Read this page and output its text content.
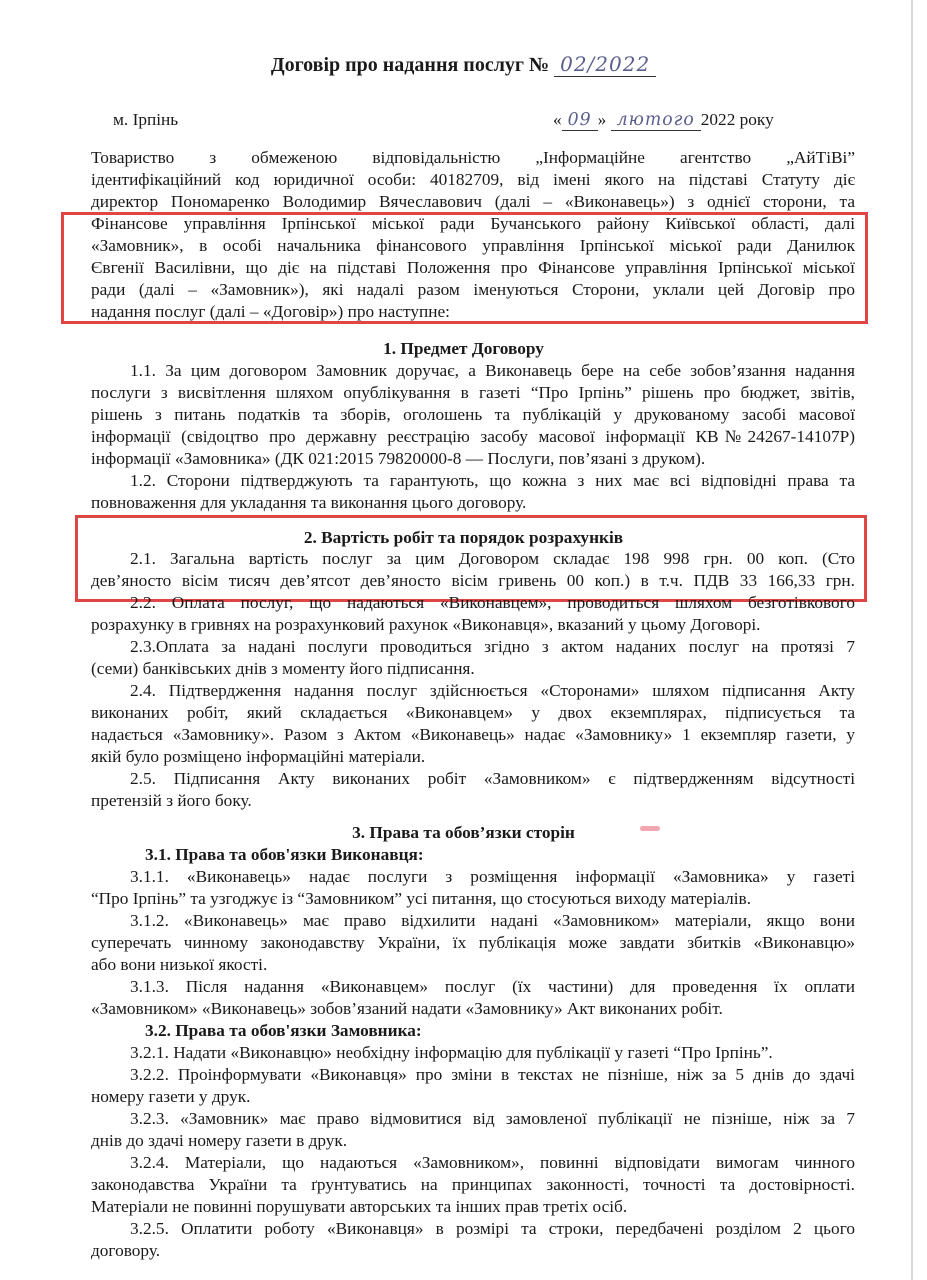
Договір про надання послуг № 02/2022
м. Ірпінь	« 09 » лютого 2022 року
Товариство з обмеженою відповідальністю „Інформаційне агентство „АйТіВі”
ідентифікаційний код юридичної особи: 40182709, від імені якого на підставі Статуту діє
директор Пономаренко Володимир Вячеславович (далі – «Виконавець») з однієї сторони, та
Фінансове управління Ірпінської міської ради Бучанського району Київської області, далі
«Замовник», в особі начальника фінансового управління Ірпінської міської ради Данилюк
Євгенії Василівни, що діє на підставі Положення про Фінансове управління Ірпінської міської
ради (далі – «Замовник»), які надалі разом іменуються Сторони, уклали цей Договір про
надання послуг (далі – «Договір») про наступне:
1. Предмет Договору
1.1. За цим договором Замовник доручає, а Виконавець бере на себе зобов’язання надання
послуги з висвітлення шляхом опублікування в газеті “Про Ірпінь” рішень про бюджет, звітів,
рішень з питань податків та зборів, оголошень та публікацій у друкованому засобі масової
інформації (свідоцтво про державну реєстрацію засобу масової інформації КВ№24267-14107Р)
інформації «Замовника» (ДК 021:2015 79820000-8 — Послуги, пов’язані з друком).
1.2. Сторони підтверджують та гарантують, що кожна з них має всі відповідні права та
повноваження для укладання та виконання цього договору.
2. Вартість робіт та порядок розрахунків
2.1. Загальна вартість послуг за цим Договором складає 198 998 грн. 00 коп. (Сто
дев’яносто вісім тисяч дев’ятсот дев’яносто вісім гривень 00 коп.) в т.ч. ПДВ 33 166,33 грн.
2.2. Оплата послуг, що надаються «Виконавцем», проводиться шляхом безготівкового
розрахунку в гривнях на розрахунковий рахунок «Виконавця», вказаний у цьому Договорі.
2.3.Оплата за надані послуги проводиться згідно з актом наданих послуг на протязі 7
(семи) банківських днів з моменту його підписання.
2.4. Підтвердження надання послуг здійснюється «Сторонами» шляхом підписання Акту
виконаних робіт, який складається «Виконавцем» у двох екземплярах, підписується та
надається «Замовнику». Разом з Актом «Виконавець» надає «Замовнику» 1 екземпляр газети, у
якій було розміщено інформаційні матеріали.
2.5. Підписання Акту виконаних робіт «Замовником» є підтвердженням відсутності
претензій з його боку.
3. Права та обов’язки сторін
3.1. Права та обов'язки Виконавця:
3.1.1. «Виконавець» надає послуги з розміщення інформації «Замовника» у газеті
“Про Ірпінь” та узгоджує із “Замовником” усі питання, що стосуються виходу матеріалів.
3.1.2. «Виконавець» має право відхилити надані «Замовником» матеріали, якщо вони
суперечать чинному законодавству України, їх публікація може завдати збитків «Виконавцю»
або вони низької якості.
3.1.3. Після надання «Виконавцем» послуг (їх частини) для проведення їх оплати
«Замовником» «Виконавець» зобов’язаний надати «Замовнику» Акт виконаних робіт.
3.2. Права та обов'язки Замовника:
3.2.1. Надати «Виконавцю» необхідну інформацію для публікації у газеті “Про Ірпінь”.
3.2.2. Проінформувати «Виконавця» про зміни в текстах не пізніше, ніж за 5 днів до здачі
номеру газети у друк.
3.2.3. «Замовник» має право відмовитися від замовленої публікації не пізніше, ніж за 7
днів до здачі номеру газети в друк.
3.2.4. Матеріали, що надаються «Замовником», повинні відповідати вимогам чинного
законодавства України та ґрунтуватись на принципах законності, точності та достовірності.
Матеріали не повинні порушувати авторських та інших прав третіх осіб.
3.2.5. Оплатити роботу «Виконавця» в розмірі та строки, передбачені розділом 2 цього
договору.
